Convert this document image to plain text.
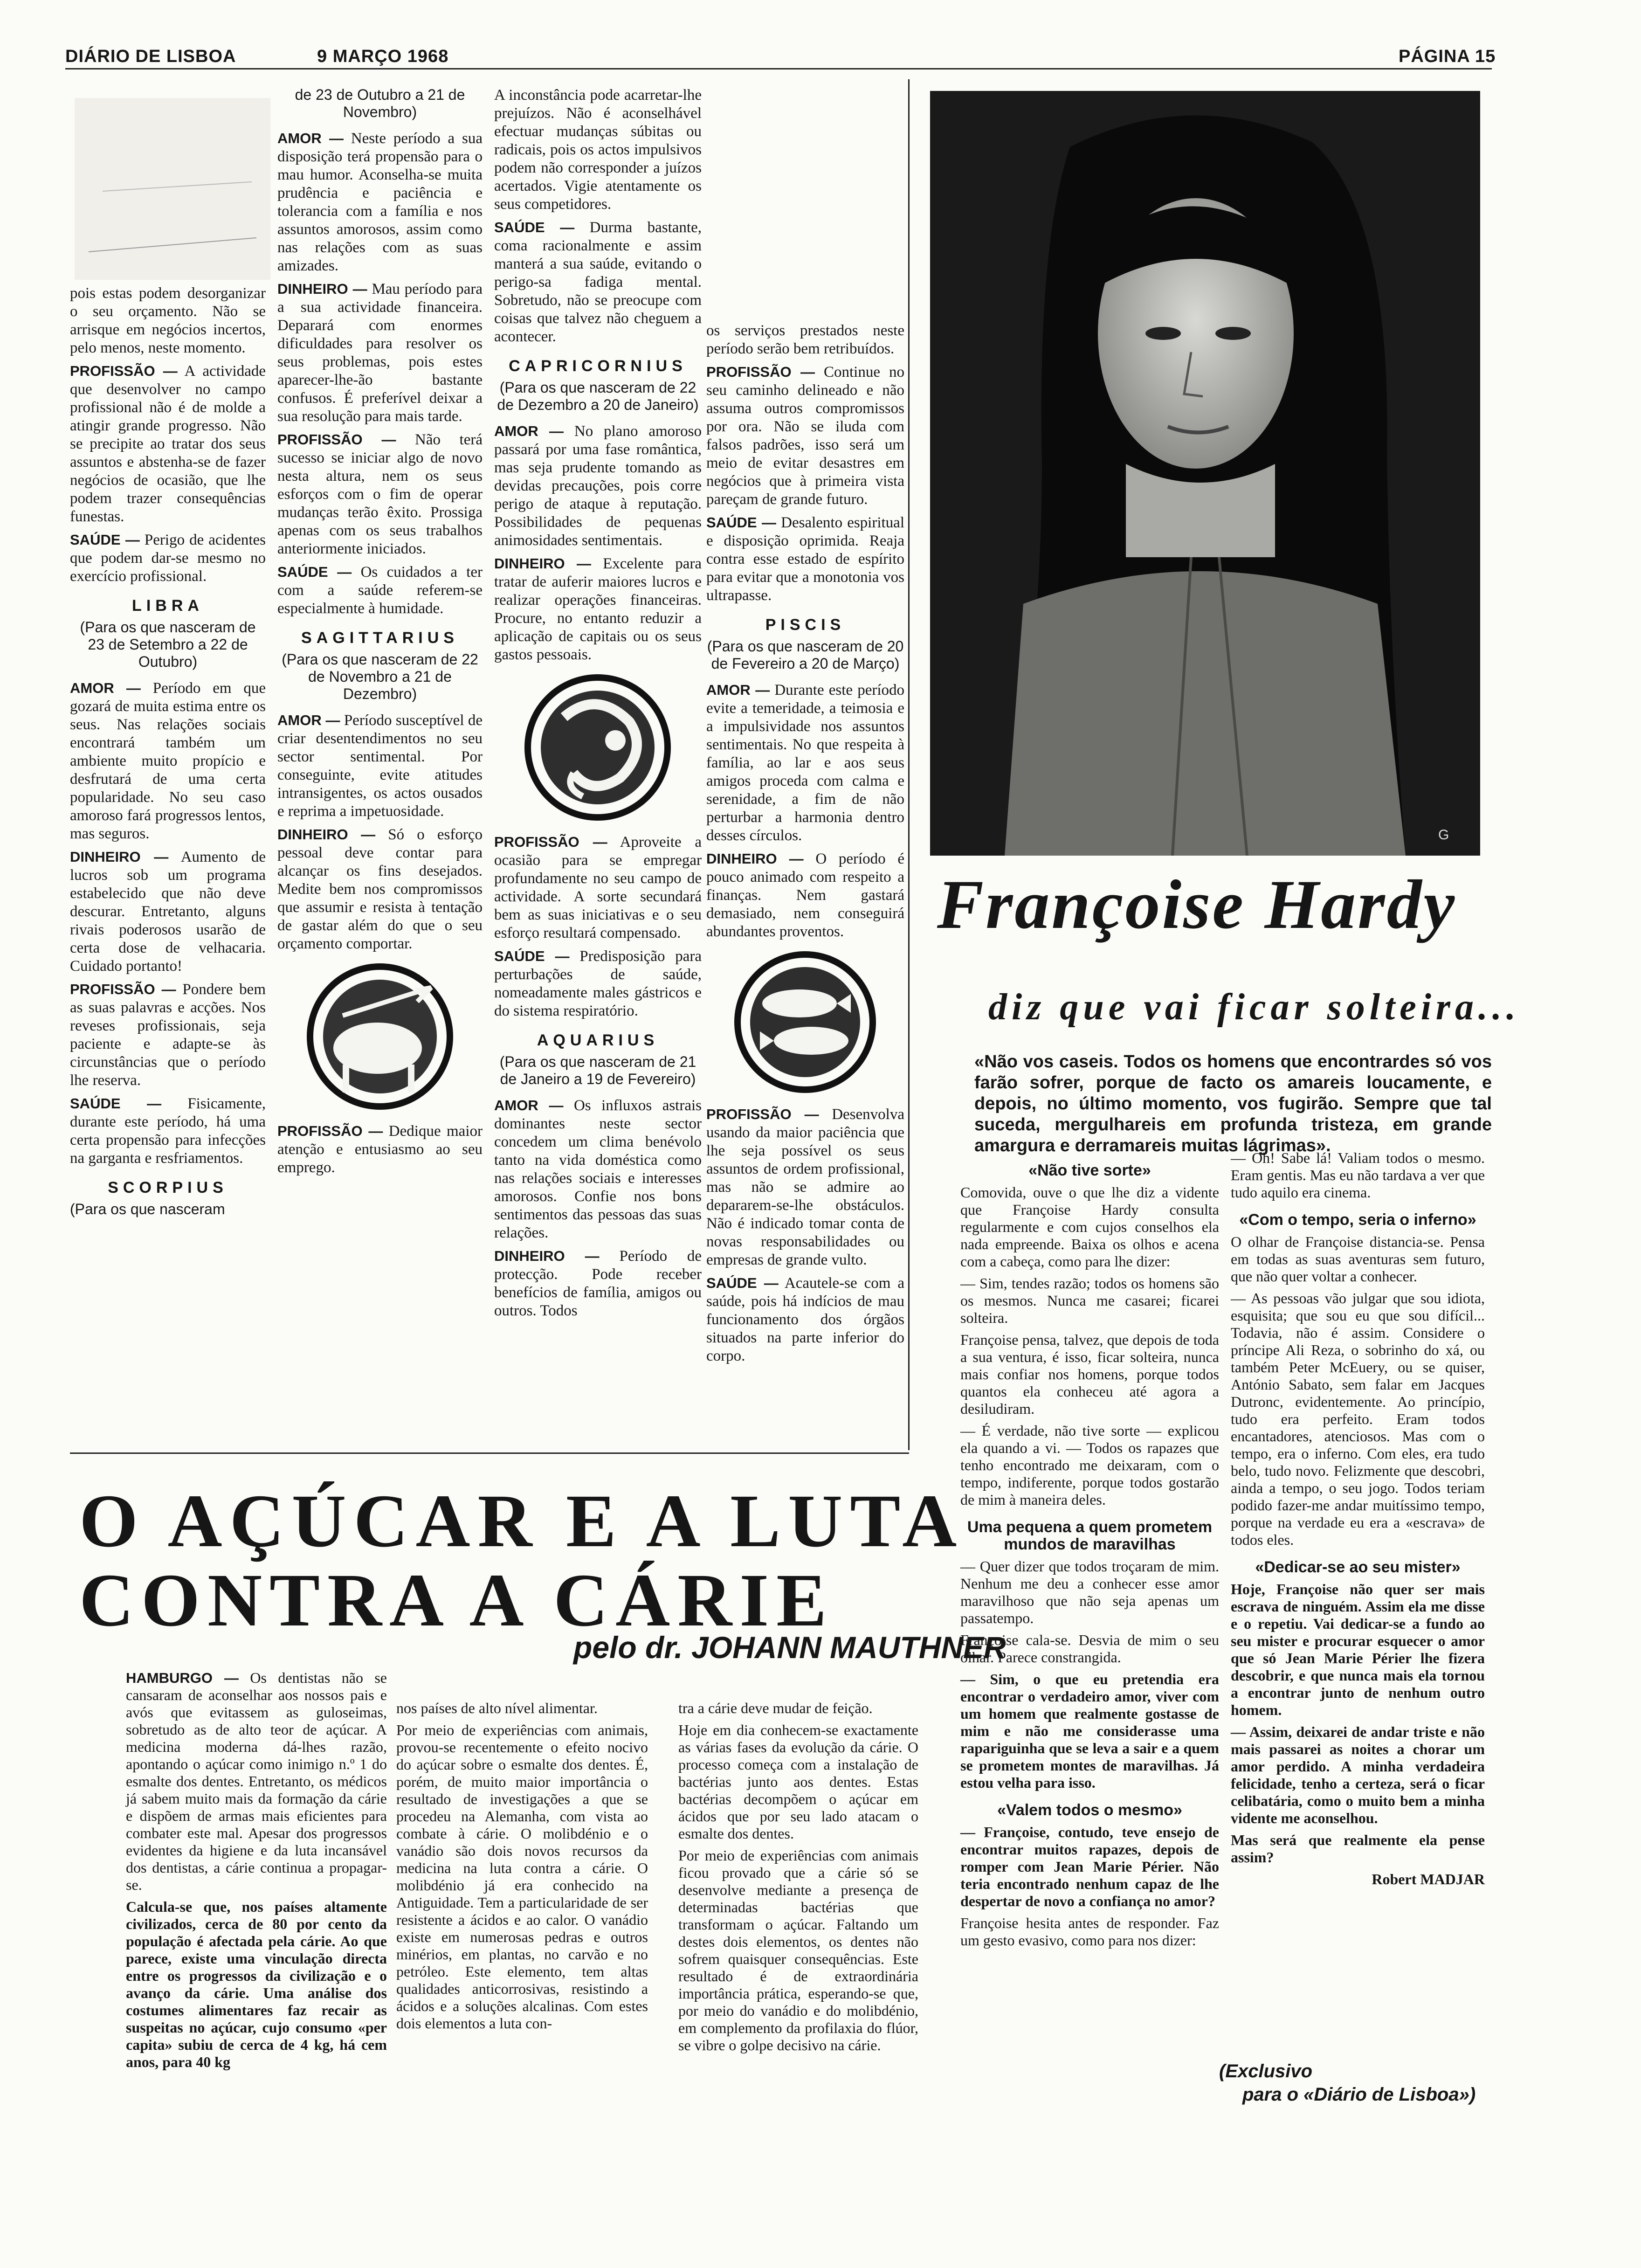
DIÁRIO DE LISBOA	9 MARÇO 1968	PÁGINA 15

pois estas podem desorganizar o seu orçamento. Não se arrisque em negócios incertos, pelo menos, neste momento.

PROFISSÃO — A actividade que desenvolver no campo profissional não é de molde a atingir grande progresso. Não se precipite ao tratar dos seus assuntos e abstenha-se de fazer negócios de ocasião, que lhe podem trazer consequências funestas.

SAÚDE — Perigo de acidentes que podem dar-se mesmo no exercício profissional.

LIBRA
(Para os que nasceram de 23 de Setembro a 22 de Outubro)

AMOR — Período em que gozará de muita estima entre os seus. Nas relações sociais encontrará também um ambiente muito propício e desfrutará de uma certa popularidade. No seu caso amoroso fará progressos lentos, mas seguros.

DINHEIRO — Aumento de lucros sob um programa estabelecido que não deve descurar. Entretanto, alguns rivais poderosos usarão de certa dose de velhacaria. Cuidado portanto!

PROFISSÃO — Pondere bem as suas palavras e acções. Nos reveses profissionais, seja paciente e adapte-se às circunstâncias que o período lhe reserva.

SAÚDE — Fisicamente, durante este período, há uma certa propensão para infecções na garganta e resfriamentos.

SCORPIUS
(Para os que nasceram
de 23 de Outubro a 21 de Novembro)

AMOR — Neste período a sua disposição terá propensão para o mau humor. Aconselha-se muita prudência e paciência e tolerancia com a família e nos assuntos amorosos, assim como nas relações com as suas amizades.

DINHEIRO — Mau período para a sua actividade financeira. Deparará com enormes dificuldades para resolver os seus problemas, pois estes aparecer-lhe-ão bastante confusos. É preferível deixar a sua resolução para mais tarde.

PROFISSÃO — Não terá sucesso se iniciar algo de novo nesta altura, nem os seus esforços com o fim de operar mudanças terão êxito. Prossiga apenas com os seus trabalhos anteriormente iniciados.

SAÚDE — Os cuidados a ter com a saúde referem-se especialmente à humidade.

SAGITTARIUS
(Para os que nasceram de 22 de Novembro a 21 de Dezembro)

AMOR — Período susceptível de criar desentendimentos no seu sector sentimental. Por conseguinte, evite atitudes intransigentes, os actos ousados e reprima a impetuosidade.

DINHEIRO — Só o esforço pessoal deve contar para alcançar os fins desejados. Medite bem nos compromissos que assumir e resista à tentação de gastar além do que o seu orçamento comportar.

PROFISSÃO — Dedique maior atenção e entusiasmo ao seu emprego.

A inconstância pode acarretar-lhe prejuízos. Não é aconselhável efectuar mudanças súbitas ou radicais, pois os actos impulsivos podem não corresponder a juízos acertados. Vigie atentamente os seus competidores.

SAÚDE — Durma bastante, coma racionalmente e assim manterá a sua saúde, evitando o perigo-sa fadiga mental. Sobretudo, não se preocupe com coisas que talvez não cheguem a acontecer.

CAPRICORNIUS
(Para os que nasceram de 22 de Dezembro a 20 de Janeiro)

AMOR — No plano amoroso passará por uma fase romântica, mas seja prudente tomando as devidas precauções, pois corre perigo de ataque à reputação. Possibilidades de pequenas animosidades sentimentais.

DINHEIRO — Excelente para tratar de auferir maiores lucros e realizar operações financeiras. Procure, no entanto reduzir a aplicação de capitais ou os seus gastos pessoais.

PROFISSÃO — Aproveite a ocasião para se empregar profundamente no seu campo de actividade. A sorte secundará bem as suas iniciativas e o seu esforço resultará compensado.

SAÚDE — Predisposição para perturbações de saúde, nomeadamente males gástricos e do sistema respiratório.

AQUARIUS
(Para os que nasceram de 21 de Janeiro a 19 de Fevereiro)

AMOR — Os influxos astrais dominantes neste sector concedem um clima benévolo tanto na vida doméstica como nas relações sociais e interesses amorosos. Confie nos bons sentimentos das pessoas das suas relações.

DINHEIRO — Período de protecção. Pode receber benefícios de família, amigos ou outros. Todos

os serviços prestados neste período serão bem retribuídos.

PROFISSÃO — Continue no seu caminho delineado e não assuma outros compromissos por ora. Não se iluda com falsos padrões, isso será um meio de evitar desastres em negócios que à primeira vista pareçam de grande futuro.

SAÚDE — Desalento espiritual e disposição oprimida. Reaja contra esse estado de espírito para evitar que a monotonia vos ultrapasse.

PISCIS
(Para os que nasceram de 20 de Fevereiro a 20 de Março)

AMOR — Durante este período evite a temeridade, a teimosia e a impulsividade nos assuntos sentimentais. No que respeita à família, ao lar e aos seus amigos proceda com calma e serenidade, a fim de não perturbar a harmonia dentro desses círculos.

DINHEIRO — O período é pouco animado com respeito a finanças. Nem gastará demasiado, nem conseguirá abundantes proventos.

PROFISSÃO — Desenvolva usando da maior paciência que lhe seja possível os seus assuntos de ordem profissional, mas não se admire ao depararem-se-lhe obstáculos. Não é indicado tomar conta de novas responsabilidades ou empresas de grande vulto.

SAÚDE — Acautele-se com a saúde, pois há indícios de mau funcionamento dos órgãos situados na parte inferior do corpo.

O AÇÚCAR E A LUTA
CONTRA A CÁRIE
pelo dr. JOHANN MAUTHNER

HAMBURGO — Os dentistas não se cansaram de aconselhar aos nossos pais e avós que evitassem as guloseimas, sobretudo as de alto teor de açúcar. A medicina moderna dá-lhes razão, apontando o açúcar como inimigo n.º 1 do esmalte dos dentes. Entretanto, os médicos já sabem muito mais da formação da cárie e dispõem de armas mais eficientes para combater este mal. Apesar dos progressos evidentes da higiene e da luta incansável dos dentistas, a cárie continua a propagar-se.

Calcula-se que, nos países altamente civilizados, cerca de 80 por cento da população é afectada pela cárie. Ao que parece, existe uma vinculação directa entre os progressos da civilização e o avanço da cárie. Uma análise dos costumes alimentares faz recair as suspeitas no açúcar, cujo consumo «per capita» subiu de cerca de 4 kg, há cem anos, para 40 kg

nos países de alto nível alimentar.

Por meio de experiências com animais, provou-se recentemente o efeito nocivo do açúcar sobre o esmalte dos dentes. É, porém, de muito maior importância o resultado de investigações a que se procedeu na Alemanha, com vista ao combate à cárie. O molibdénio e o vanádio são dois novos recursos da medicina na luta contra a cárie. O molibdénio já era conhecido na Antiguidade. Tem a particularidade de ser resistente a ácidos e ao calor. O vanádio existe em numerosas pedras e outros minérios, em plantas, no carvão e no petróleo. Este elemento, tem altas qualidades anticorrosivas, resistindo a ácidos e a soluções alcalinas. Com estes dois elementos a luta con-

tra a cárie deve mudar de feição.

Hoje em dia conhecem-se exactamente as várias fases da evolução da cárie. O processo começa com a instalação de bactérias junto aos dentes. Estas bactérias decompõem o açúcar em ácidos que por seu lado atacam o esmalte dos dentes.

Por meio de experiências com animais ficou provado que a cárie só se desenvolve mediante a presença de determinadas bactérias que transformam o açúcar. Faltando um destes dois elementos, os dentes não sofrem quaisquer consequências. Este resultado é de extraordinária importância prática, esperando-se que, por meio do vanádio e do molibdénio, em complemento da profilaxia do flúor, se vibre o golpe decisivo na cárie.

G
Françoise Hardy
diz que vai ficar solteira...
«Não vos caseis. Todos os homens que encontrardes só vos farão sofrer, porque de facto os amareis loucamente, e depois, no último momento, vos fugirão. Sempre que tal suceda, mergulhareis em profunda tristeza, em grande amargura e derramareis muitas lágrimas».
«Não tive sorte»

Comovida, ouve o que lhe diz a vidente que Françoise Hardy consulta regularmente e com cujos conselhos ela nada empreende. Baixa os olhos e acena com a cabeça, como para lhe dizer:

— Sim, tendes razão; todos os homens são os mesmos. Nunca me casarei; ficarei solteira.

Françoise pensa, talvez, que depois de toda a sua ventura, é isso, ficar solteira, nunca mais confiar nos homens, porque todos quantos ela conheceu até agora a desiludiram.

— É verdade, não tive sorte — explicou ela quando a vi. — Todos os rapazes que tenho encontrado me deixaram, com o tempo, indiferente, porque todos gostarão de mim à maneira deles.

Uma pequena a quem prometem mundos de maravilhas

— Quer dizer que todos troçaram de mim. Nenhum me deu a conhecer esse amor maravilhoso que não seja apenas um passatempo.

Françoise cala-se. Desvia de mim o seu olhar. Parece constrangida.

— Sim, o que eu pretendia era encontrar o verdadeiro amor, viver com um homem que realmente gostasse de mim e não me considerasse uma rapariguinha que se leva a sair e a quem se prometem montes de maravilhas. Já estou velha para isso.

«Valem todos o mesmo»

— Françoise, contudo, teve ensejo de encontrar muitos rapazes, depois de romper com Jean Marie Périer. Não teria encontrado nenhum capaz de lhe despertar de novo a confiança no amor?

Françoise hesita antes de responder. Faz um gesto evasivo, como para nos dizer:

— Oh! Sabe lá! Valiam todos o mesmo. Eram gentis. Mas eu não tardava a ver que tudo aquilo era cinema.

«Com o tempo, seria o inferno»

O olhar de Françoise distancia-se. Pensa em todas as suas aventuras sem futuro, que não quer voltar a conhecer.

— As pessoas vão julgar que sou idiota, esquisita; que sou eu que sou difícil... Todavia, não é assim. Considere o príncipe Ali Reza, o sobrinho do xá, ou também Peter McEuery, ou se quiser, António Sabato, sem falar em Jacques Dutronc, evidentemente. Ao princípio, tudo era perfeito. Eram todos encantadores, atenciosos. Mas com o tempo, era o inferno. Com eles, era tudo belo, tudo novo. Felizmente que descobri, ainda a tempo, o seu jogo. Todos teriam podido fazer-me andar muitíssimo tempo, porque na verdade eu era a «escrava» de todos eles.

«Dedicar-se ao seu mister»

Hoje, Françoise não quer ser mais escrava de ninguém. Assim ela me disse e o repetiu. Vai dedicar-se a fundo ao seu mister e procurar esquecer o amor que só Jean Marie Périer lhe fizera descobrir, e que nunca mais ela tornou a encontrar junto de nenhum outro homem.

— Assim, deixarei de andar triste e não mais passarei as noites a chorar um amor perdido. A minha verdadeira felicidade, tenho a certeza, será o ficar celibatária, como o muito bem a minha vidente me aconselhou.

Mas será que realmente ela pense assim?

Robert MADJAR

(Exclusivo
para o «Diário de Lisboa»)
